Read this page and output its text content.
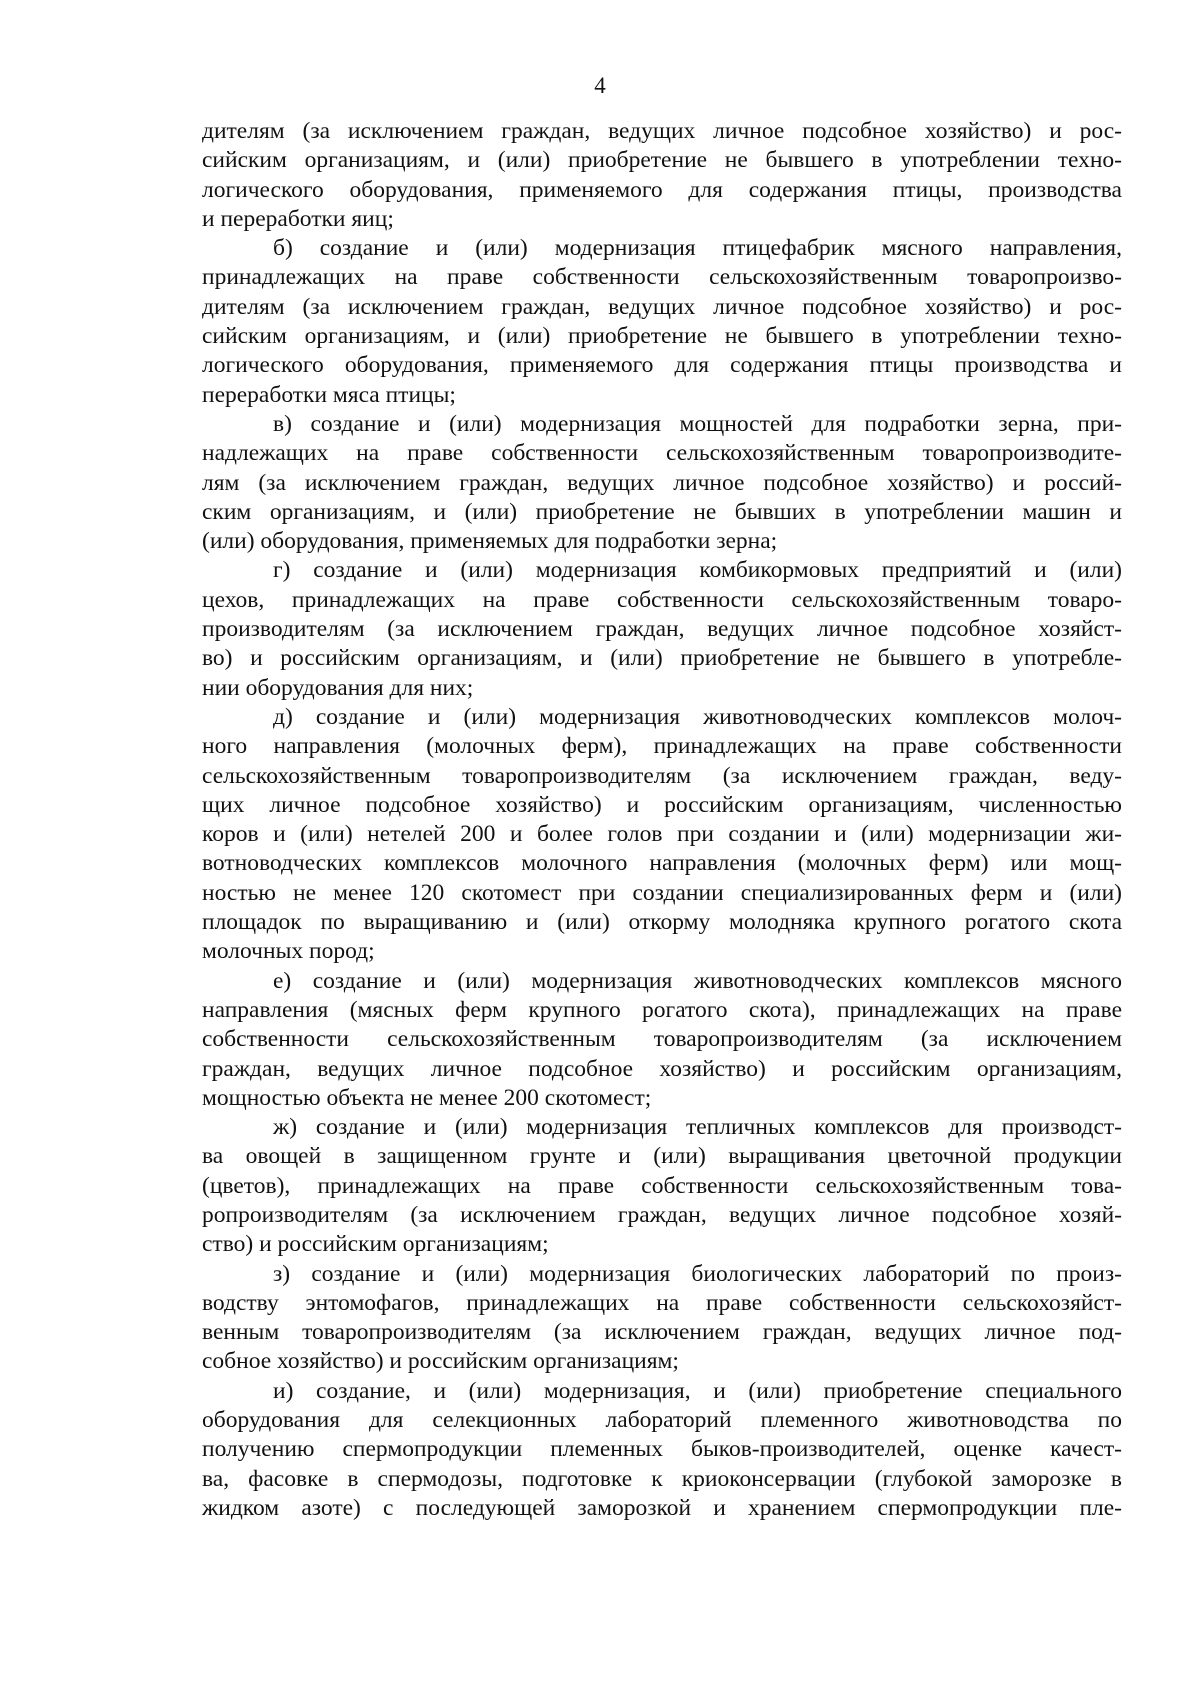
4
дителям (за исключением граждан, ведущих личное подсобное хозяйство) и рос-
сийским организациям, и (или) приобретение не бывшего в употреблении техно-
логического оборудования, применяемого для содержания птицы, производства
и переработки яиц;
б) создание и (или) модернизация птицефабрик мясного направления,
принадлежащих на праве собственности сельскохозяйственным товаропроизво-
дителям (за исключением граждан, ведущих личное подсобное хозяйство) и рос-
сийским организациям, и (или) приобретение не бывшего в употреблении техно-
логического оборудования, применяемого для содержания птицы производства и
переработки мяса птицы;
в) создание и (или) модернизация мощностей для подработки зерна, при-
надлежащих на праве собственности сельскохозяйственным товаропроизводите-
лям (за исключением граждан, ведущих личное подсобное хозяйство) и россий-
ским организациям, и (или) приобретение не бывших в употреблении машин и
(или) оборудования, применяемых для подработки зерна;
г) создание и (или) модернизация комбикормовых предприятий и (или)
цехов, принадлежащих на праве собственности сельскохозяйственным товаро-
производителям (за исключением граждан, ведущих личное подсобное хозяйст-
во) и российским организациям, и (или) приобретение не бывшего в употребле-
нии оборудования для них;
д) создание и (или) модернизация животноводческих комплексов молоч-
ного направления (молочных ферм), принадлежащих на праве собственности
сельскохозяйственным товаропроизводителям (за исключением граждан, веду-
щих личное подсобное хозяйство) и российским организациям, численностью
коров и (или) нетелей 200 и более голов при создании и (или) модернизации жи-
вотноводческих комплексов молочного направления (молочных ферм) или мощ-
ностью не менее 120 скотомест при создании специализированных ферм и (или)
площадок по выращиванию и (или) откорму молодняка крупного рогатого скота
молочных пород;
е) создание и (или) модернизация животноводческих комплексов мясного
направления (мясных ферм крупного рогатого скота), принадлежащих на праве
собственности сельскохозяйственным товаропроизводителям (за исключением
граждан, ведущих личное подсобное хозяйство) и российским организациям,
мощностью объекта не менее 200 скотомест;
ж) создание и (или) модернизация тепличных комплексов для производст-
ва овощей в защищенном грунте и (или) выращивания цветочной продукции
(цветов), принадлежащих на праве собственности сельскохозяйственным това-
ропроизводителям (за исключением граждан, ведущих личное подсобное хозяй-
ство) и российским организациям;
з) создание и (или) модернизация биологических лабораторий по произ-
водству энтомофагов, принадлежащих на праве собственности сельскохозяйст-
венным товаропроизводителям (за исключением граждан, ведущих личное под-
собное хозяйство) и российским организациям;
и) создание, и (или) модернизация, и (или) приобретение специального
оборудования для селекционных лабораторий племенного животноводства по
получению спермопродукции племенных быков-производителей, оценке качест-
ва, фасовке в спермодозы, подготовке к криоконсервации (глубокой заморозке в
жидком азоте) с последующей заморозкой и хранением спермопродукции пле-
